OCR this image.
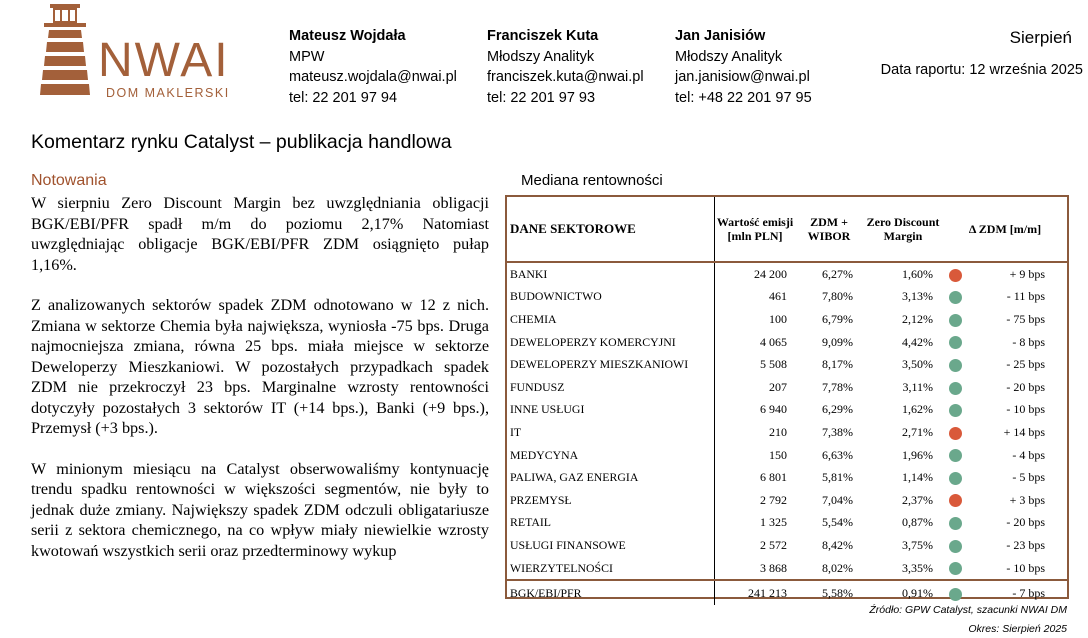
NWAI
DOM MAKLERSKI
Mateusz Wojdała
MPW
mateusz.wojdala@nwai.pl
tel: 22 201 97 94
Franciszek Kuta
Młodszy Analityk
franciszek.kuta@nwai.pl
tel: 22 201 97 93
Jan Janisiów
Młodszy Analityk
jan.janisiow@nwai.pl
tel: +48 22 201 97 95
Sierpień
Data raportu: 12 września 2025
Komentarz rynku Catalyst – publikacja handlowa
Notowania

W sierpniu Zero Discount Margin bez uwzględniania obligacji BGK/EBI/PFR spadł m/m do poziomu 2,17% Natomiast uwzględniając obligacje BGK/EBI/PFR ZDM osiągnięto pułap 1,16%.

Z analizowanych sektorów spadek ZDM odnotowano w 12 z nich. Zmiana w sektorze Chemia była największa, wyniosła -75 bps. Druga najmocniejsza zmiana, równa 25 bps. miała miejsce w sektorze Deweloperzy Mieszkaniowi. W pozostałych przypadkach spadek ZDM nie przekroczył 23 bps. Marginalne wzrosty rentowności dotyczyły pozostałych 3 sektorów IT (+14 bps.), Banki (+9 bps.), Przemysł (+3 bps.).

W minionym miesiącu na Catalyst obserwowaliśmy kontynuację trendu spadku rentowności w większości segmentów, nie były to jednak duże zmiany. Największy spadek ZDM odczuli obligatariusze serii z sektora chemicznego, na co wpływ miały niewielkie wzrosty kwotowań wszystkich serii oraz przedterminowy wykup

Mediana rentowności
DANE SEKTOROWE	Wartość emisji [mln PLN]	ZDM + WIBOR	Zero Discount Margin	Δ ZDM [m/m]	
BANKI	24 200	6,27%	1,60%		+ 9 bps
BUDOWNICTWO	461	7,80%	3,13%		- 11 bps
CHEMIA	100	6,79%	2,12%		- 75 bps
DEWELOPERZY KOMERCYJNI	4 065	9,09%	4,42%		- 8 bps
DEWELOPERZY MIESZKANIOWI	5 508	8,17%	3,50%		- 25 bps
FUNDUSZ	207	7,78%	3,11%		- 20 bps
INNE USŁUGI	6 940	6,29%	1,62%		- 10 bps
IT	210	7,38%	2,71%		+ 14 bps
MEDYCYNA	150	6,63%	1,96%		- 4 bps
PALIWA, GAZ ENERGIA	6 801	5,81%	1,14%		- 5 bps
PRZEMYSŁ	2 792	7,04%	2,37%		+ 3 bps
RETAIL	1 325	5,54%	0,87%		- 20 bps
USŁUGI FINANSOWE	2 572	8,42%	3,75%		- 23 bps
WIERZYTELNOŚCI	3 868	8,02%	3,35%		- 10 bps
BGK/EBI/PFR	241 213	5,58%	0,91%		- 7 bps
Źródło: GPW Catalyst, szacunki NWAI DM
Okres: Sierpień 2025
